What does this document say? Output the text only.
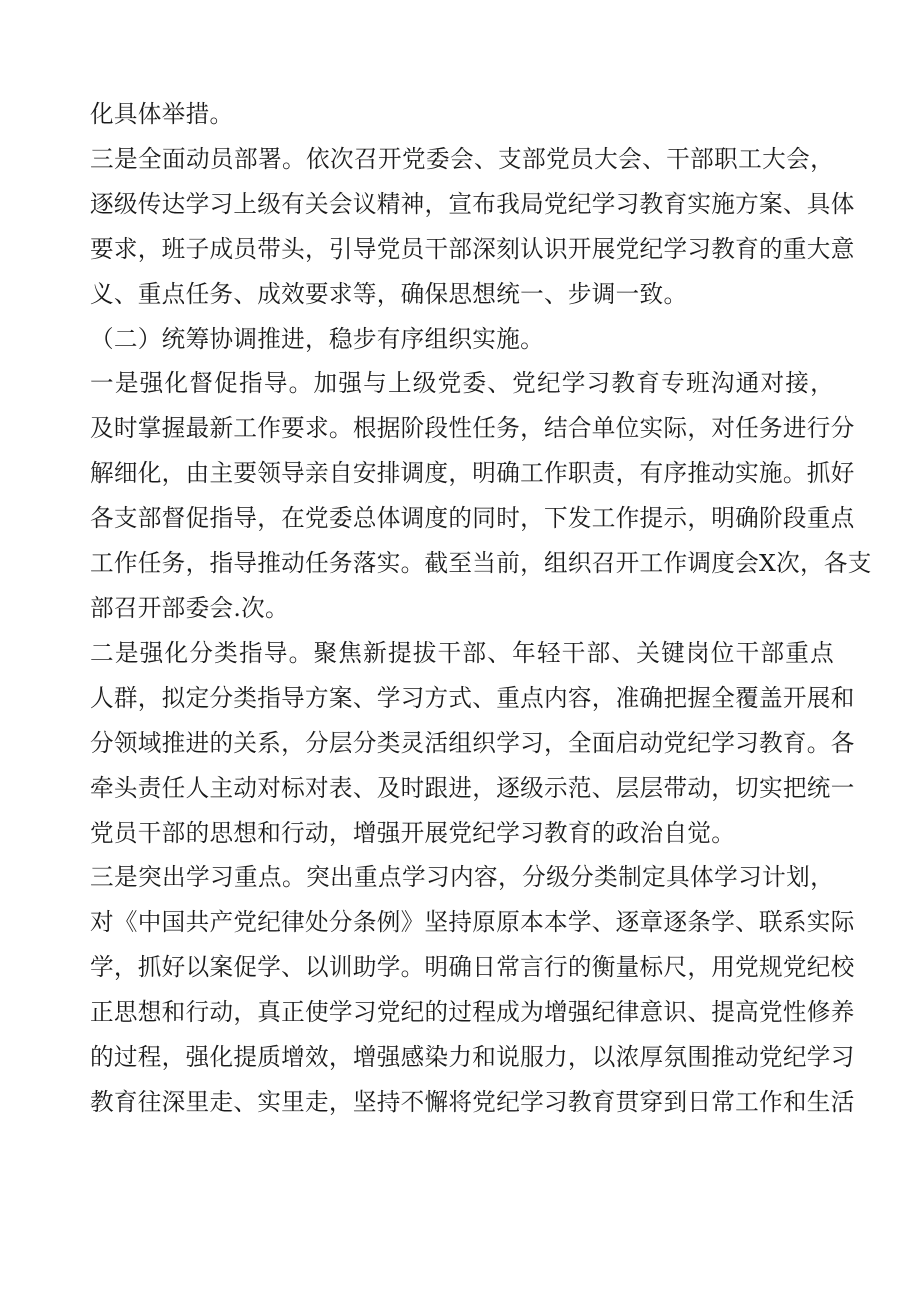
化具体举措。

三是全面动员部署。依次召开党委会、支部党员大会、干部职工大会，
逐级传达学习上级有关会议精神，宣布我局党纪学习教育实施方案、具体
要求，班子成员带头，引导党员干部深刻认识开展党纪学习教育的重大意
义、重点任务、成效要求等，确保思想统一、步调一致。

（二）统筹协调推进，稳步有序组织实施。

一是强化督促指导。加强与上级党委、党纪学习教育专班沟通对接，
及时掌握最新工作要求。根据阶段性任务，结合单位实际，对任务进行分
解细化，由主要领导亲自安排调度，明确工作职责，有序推动实施。抓好
各支部督促指导，在党委总体调度的同时，下发工作提示，明确阶段重点
工作任务，指导推动任务落实。截至当前，组织召开工作调度会X次，各支
部召开部委会.次。

二是强化分类指导。聚焦新提拔干部、年轻干部、关键岗位干部重点
人群，拟定分类指导方案、学习方式、重点内容，准确把握全覆盖开展和
分领域推进的关系，分层分类灵活组织学习，全面启动党纪学习教育。各
牵头责任人主动对标对表、及时跟进，逐级示范、层层带动，切实把统一
党员干部的思想和行动，增强开展党纪学习教育的政治自觉。

三是突出学习重点。突出重点学习内容，分级分类制定具体学习计划，
对《中国共产党纪律处分条例》坚持原原本本学、逐章逐条学、联系实际
学，抓好以案促学、以训助学。明确日常言行的衡量标尺，用党规党纪校
正思想和行动，真正使学习党纪的过程成为增强纪律意识、提高党性修养
的过程，强化提质增效，增强感染力和说服力，以浓厚氛围推动党纪学习
教育往深里走、实里走，坚持不懈将党纪学习教育贯穿到日常工作和生活
